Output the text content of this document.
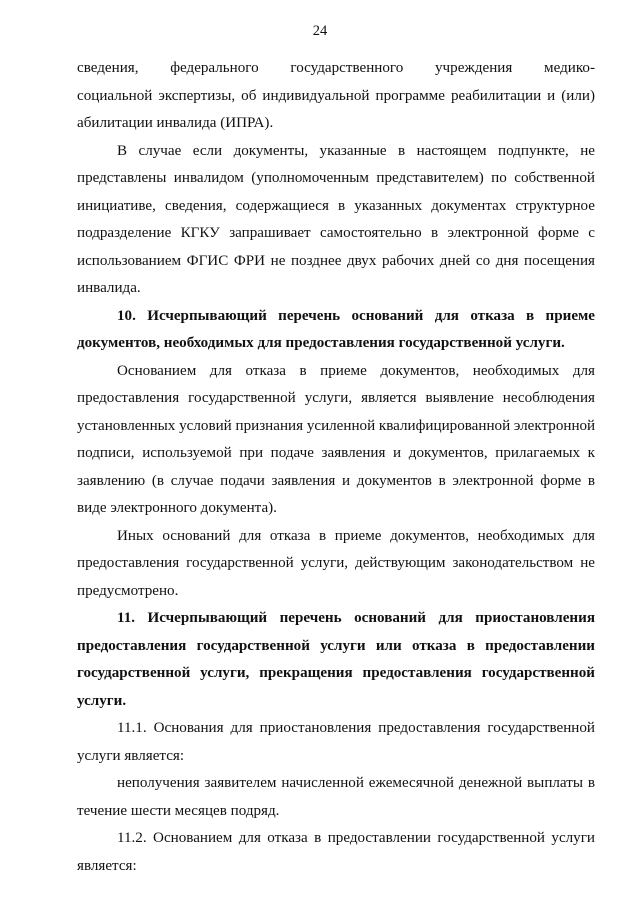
24
сведения, федерального государственного учреждения медико-
социальной экспертизы, об индивидуальной программе реабилитации и (или)
абилитации инвалида (ИПРА).
В случае если документы, указанные в настоящем подпункте, не
представлены инвалидом (уполномоченным представителем) по собственной
инициативе, сведения, содержащиеся в указанных документах структурное
подразделение КГКУ запрашивает самостоятельно в электронной форме с
использованием ФГИС ФРИ не позднее двух рабочих дней со дня посещения
инвалида.
10. Исчерпывающий перечень оснований для отказа в приеме
документов, необходимых для предоставления государственной услуги.
Основанием для отказа в приеме документов, необходимых для
предоставления государственной услуги, является выявление несоблюдения
установленных условий признания усиленной квалифицированной электронной
подписи, используемой при подаче заявления и документов, прилагаемых к
заявлению (в случае подачи заявления и документов в электронной форме в
виде электронного документа).
Иных оснований для отказа в приеме документов, необходимых для
предоставления государственной услуги, действующим законодательством не
предусмотрено.
11. Исчерпывающий перечень оснований для приостановления
предоставления государственной услуги или отказа в предоставлении
государственной услуги, прекращения предоставления государственной
услуги.
11.1. Основания для приостановления предоставления государственной
услуги является:
неполучения заявителем начисленной ежемесячной денежной выплаты в
течение шести месяцев подряд.
11.2. Основанием для отказа в предоставлении государственной услуги
является:
